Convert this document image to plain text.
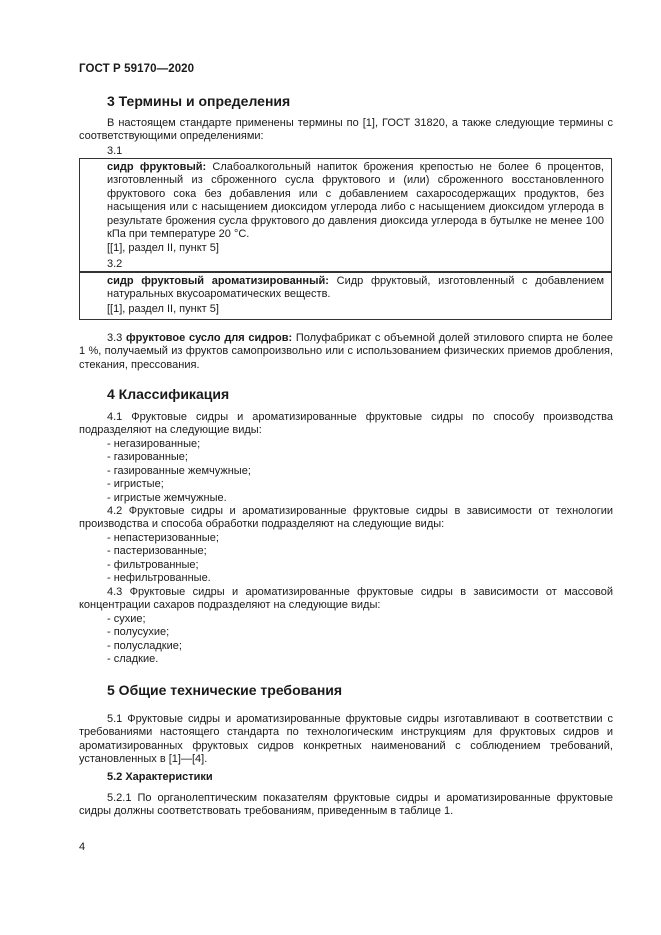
ГОСТ Р 59170—2020
3 Термины и определения

В настоящем стандарте применены термины по [1], ГОСТ 31820, а также следующие термины с соответствующими определениями:

3.1

сидр фруктовый: Слабоалкогольный напиток брожения крепостью не более 6 процентов, изготовленный из сброженного сусла фруктового и (или) сброженного восстановленного фруктового сока без добавления или с добавлением сахаросодержащих продуктов, без насыщения или с насыщением диоксидом углерода либо с насыщением диоксидом углерода в результате брожения сусла фруктового до давления диоксида углерода в бутылке не менее 100 кПа при температуре 20 °С.

[[1], раздел II, пункт 5]

3.2

сидр фруктовый ароматизированный: Сидр фруктовый, изготовленный с добавлением натуральных вкусоароматических веществ.

[[1], раздел II, пункт 5]

3.3 фруктовое сусло для сидров: Полуфабрикат с объемной долей этилового спирта не более 1 %, получаемый из фруктов самопроизвольно или с использованием физических приемов дробления, стекания, прессования.

4 Классификация

4.1 Фруктовые сидры и ароматизированные фруктовые сидры по способу производства подразделяют на следующие виды:

- негазированные;
- газированные;
- газированные жемчужные;
- игристые;
- игристые жемчужные.

4.2 Фруктовые сидры и ароматизированные фруктовые сидры в зависимости от технологии производства и способа обработки подразделяют на следующие виды:

- непастеризованные;
- пастеризованные;
- фильтрованные;
- нефильтрованные.

4.3 Фруктовые сидры и ароматизированные фруктовые сидры в зависимости от массовой концентрации сахаров подразделяют на следующие виды:

- сухие;
- полусухие;
- полусладкие;
- сладкие.
5 Общие технические требования

5.1 Фруктовые сидры и ароматизированные фруктовые сидры изготавливают в соответствии с требованиями настоящего стандарта по технологическим инструкциям для фруктовых сидров и ароматизированных фруктовых сидров конкретных наименований с соблюдением требований, установленных в [1]—[4].

5.2 Характеристики

5.2.1 По органолептическим показателям фруктовые сидры и ароматизированные фруктовые сидры должны соответствовать требованиям, приведенным в таблице 1.

4
